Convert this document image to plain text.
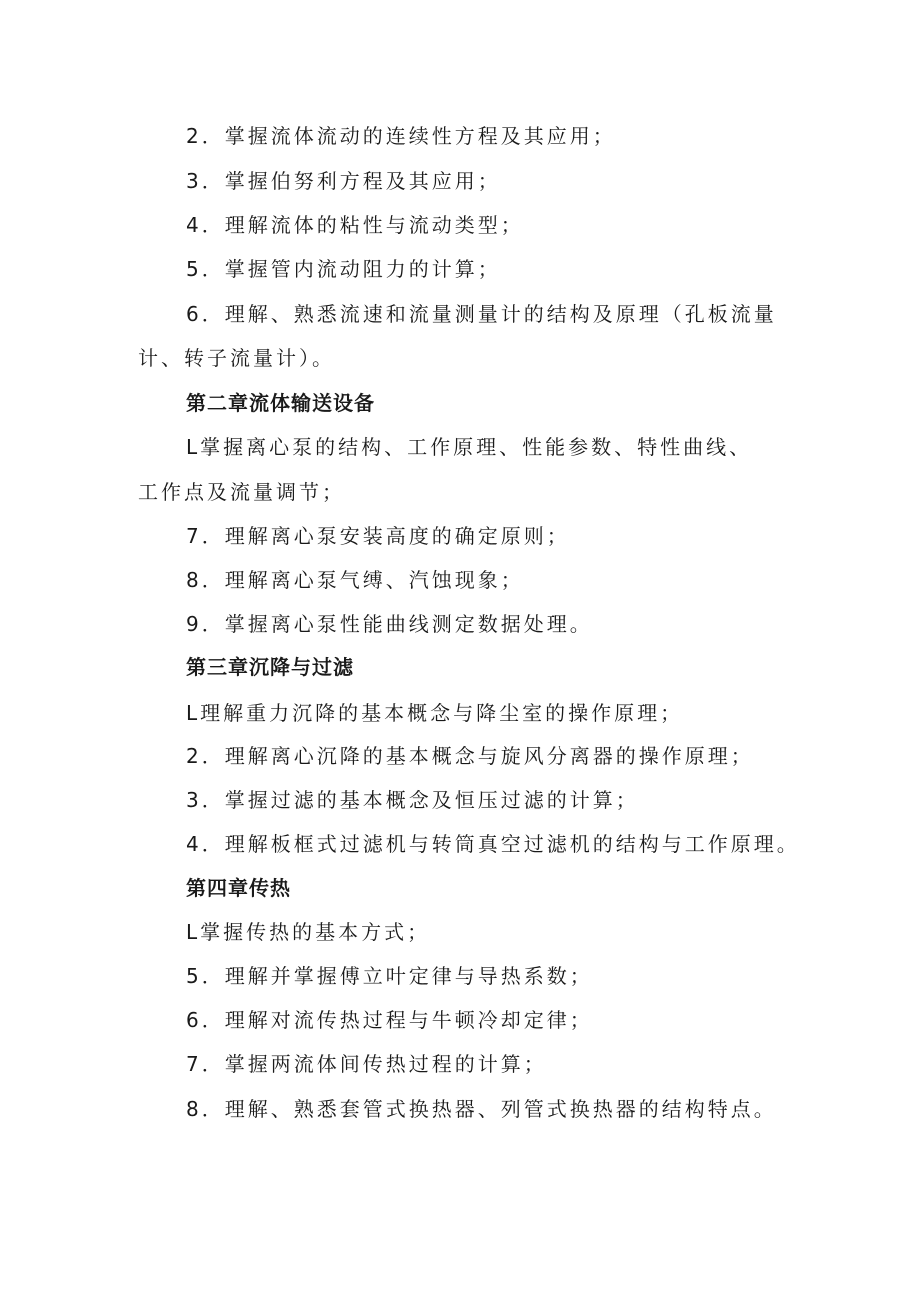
2．掌握流体流动的连续性方程及其应用；
3．掌握伯努利方程及其应用；
4．理解流体的粘性与流动类型；
5．掌握管内流动阻力的计算；
6．理解、熟悉流速和流量测量计的结构及原理（孔板流量
计、转子流量计）。
第二章流体输送设备
L掌握离心泵的结构、工作原理、性能参数、特性曲线、
工作点及流量调节；
7．理解离心泵安装高度的确定原则；
8．理解离心泵气缚、汽蚀现象；
9．掌握离心泵性能曲线测定数据处理。
第三章沉降与过滤
L理解重力沉降的基本概念与降尘室的操作原理；
2．理解离心沉降的基本概念与旋风分离器的操作原理；
3．掌握过滤的基本概念及恒压过滤的计算；
4．理解板框式过滤机与转筒真空过滤机的结构与工作原理。
第四章传热
L掌握传热的基本方式；
5．理解并掌握傅立叶定律与导热系数；
6．理解对流传热过程与牛顿冷却定律；
7．掌握两流体间传热过程的计算；
8．理解、熟悉套管式换热器、列管式换热器的结构特点。
